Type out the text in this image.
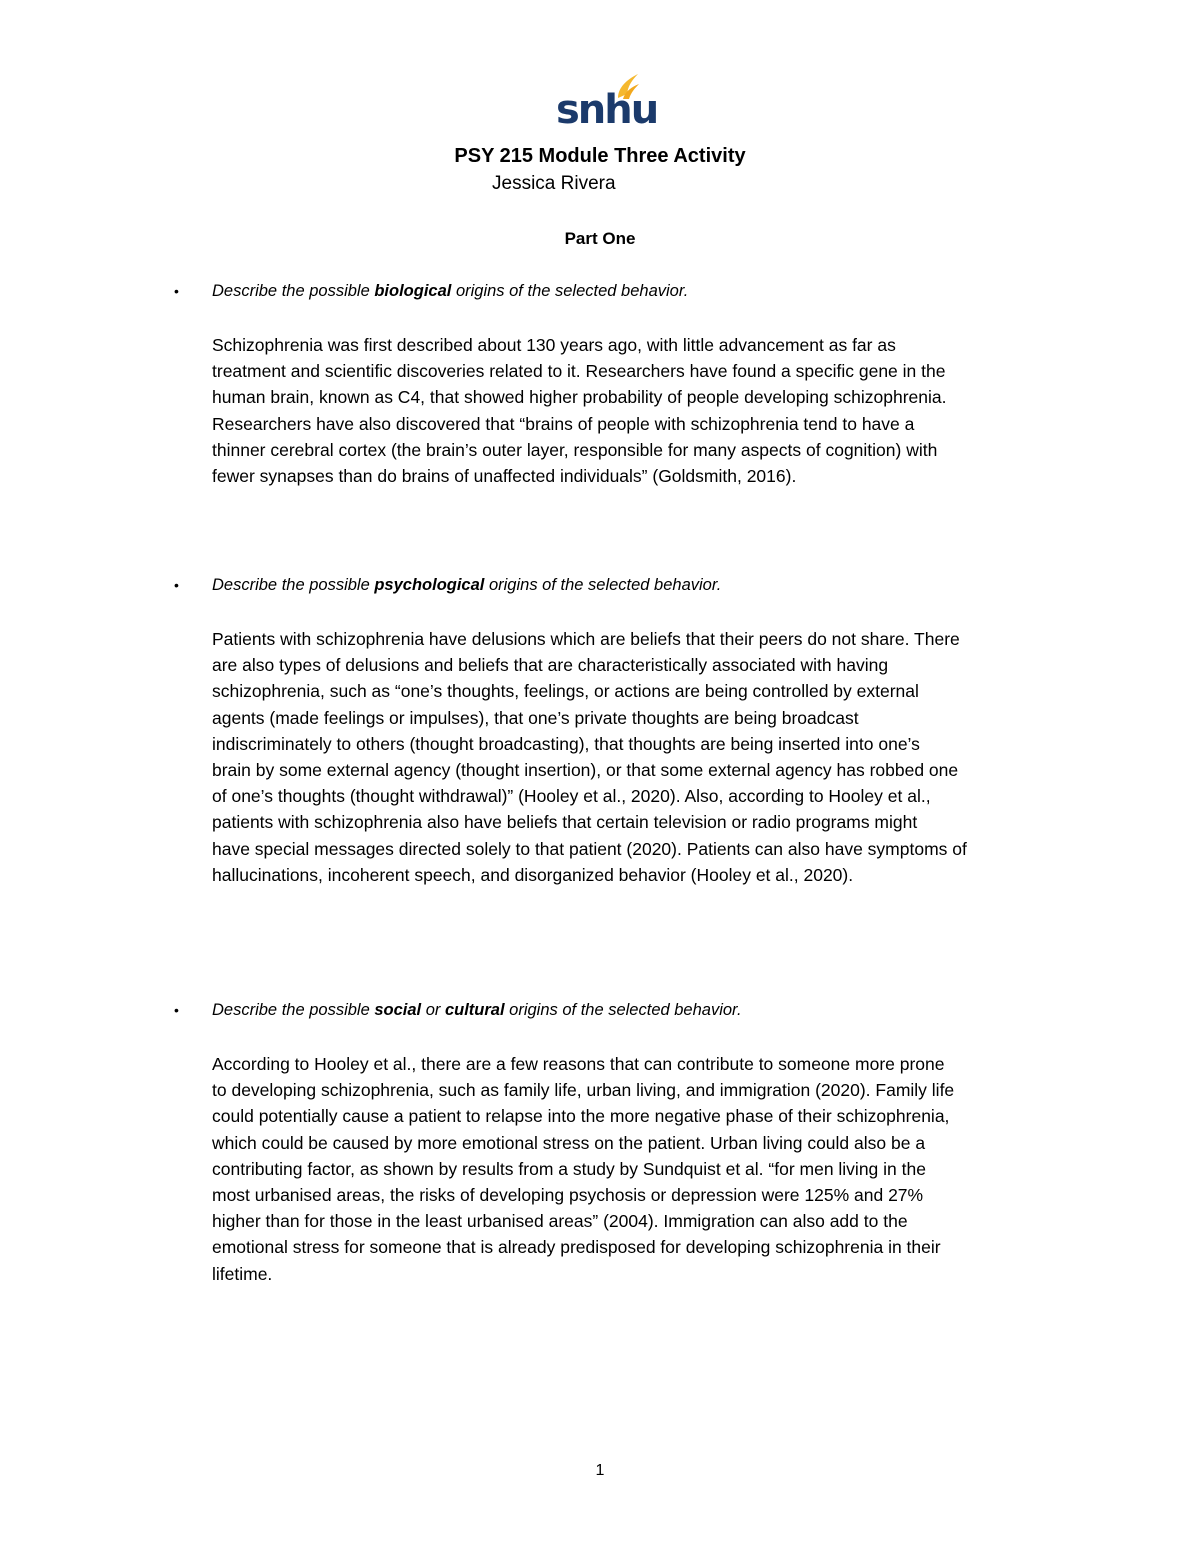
snhu
PSY 215 Module Three Activity
Jessica Rivera
Part One
• Describe the possible biological origins of the selected behavior.
Schizophrenia was first described about 130 years ago, with little advancement as far as
treatment and scientific discoveries related to it. Researchers have found a specific gene in the
human brain, known as C4, that showed higher probability of people developing schizophrenia.
Researchers have also discovered that “brains of people with schizophrenia tend to have a
thinner cerebral cortex (the brain’s outer layer, responsible for many aspects of cognition) with
fewer synapses than do brains of unaffected individuals” (Goldsmith, 2016).
• Describe the possible psychological origins of the selected behavior.
Patients with schizophrenia have delusions which are beliefs that their peers do not share. There
are also types of delusions and beliefs that are characteristically associated with having
schizophrenia, such as “one’s thoughts, feelings, or actions are being controlled by external
agents (made feelings or impulses), that one’s private thoughts are being broadcast
indiscriminately to others (thought broadcasting), that thoughts are being inserted into one’s
brain by some external agency (thought insertion), or that some external agency has robbed one
of one’s thoughts (thought withdrawal)” (Hooley et al., 2020). Also, according to Hooley et al.,
patients with schizophrenia also have beliefs that certain television or radio programs might
have special messages directed solely to that patient (2020). Patients can also have symptoms of
hallucinations, incoherent speech, and disorganized behavior (Hooley et al., 2020).
• Describe the possible social or cultural origins of the selected behavior.
According to Hooley et al., there are a few reasons that can contribute to someone more prone
to developing schizophrenia, such as family life, urban living, and immigration (2020). Family life
could potentially cause a patient to relapse into the more negative phase of their schizophrenia,
which could be caused by more emotional stress on the patient. Urban living could also be a
contributing factor, as shown by results from a study by Sundquist et al. “for men living in the
most urbanised areas, the risks of developing psychosis or depression were 125% and 27%
higher than for those in the least urbanised areas” (2004). Immigration can also add to the
emotional stress for someone that is already predisposed for developing schizophrenia in their
lifetime.
1
